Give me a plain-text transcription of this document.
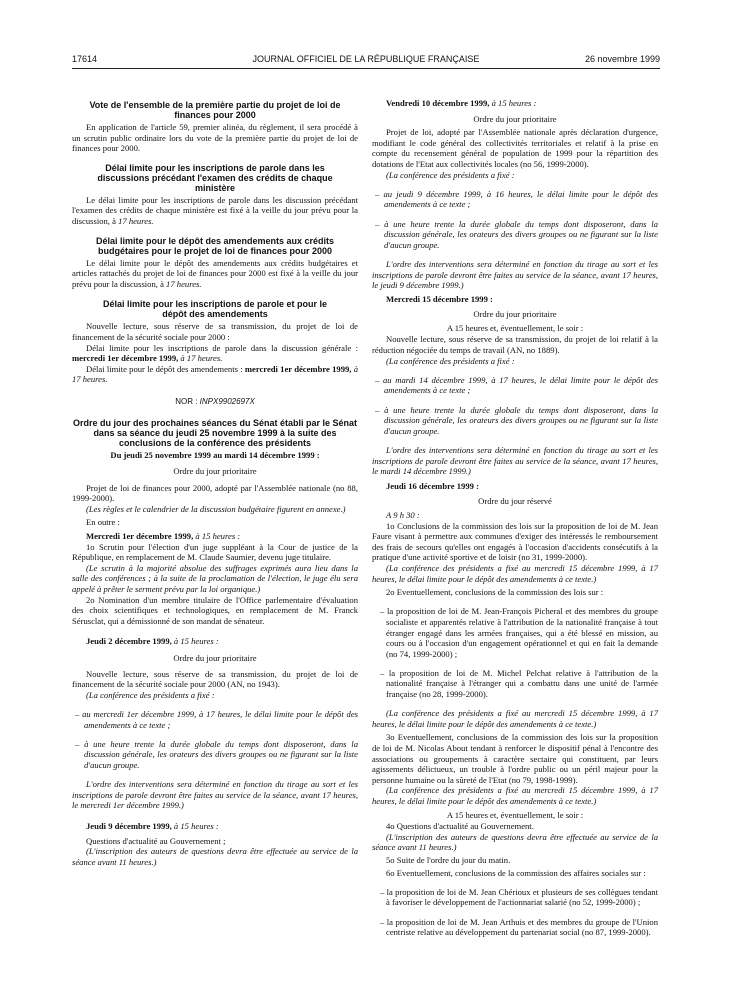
17614	JOURNAL OFFICIEL DE LA RÉPUBLIQUE FRANÇAISE	26 novembre 1999
Vote de l'ensemble de la première partie du projet de loi de finances pour 2000

En application de l'article 59, premier alinéa, du règlement, il sera procédé à un scrutin public ordinaire lors du vote de la première partie du projet de loi de finances pour 2000.

Délai limite pour les inscriptions de parole dans les discussions précédant l'examen des crédits de chaque ministère

Le délai limite pour les inscriptions de parole dans les discussion précédant l'examen des crédits de chaque ministère est fixé à la veille du jour prévu pour la discussion, à 17 heures.

Délai limite pour le dépôt des amendements aux crédits budgétaires pour le projet de loi de finances pour 2000

Le délai limite pour le dépôt des amendements aux crédits budgétaires et articles rattachés du projet de loi de finances pour 2000 est fixé à la veille du jour prévu pour la discussion, à 17 heures.

Délai limite pour les inscriptions de parole et pour le dépôt des amendements

Nouvelle lecture, sous réserve de sa transmission, du projet de loi de financement de la sécurité sociale pour 2000 :

Délai limite pour les inscriptions de parole dans la discussion générale : mercredi 1er décembre 1999, à 17 heures.

Délai limite pour le dépôt des amendements : mercredi 1er décembre 1999, à 17 heures.

NOR : INPX9902697X

Ordre du jour des prochaines séances du Sénat établi par le Sénat dans sa séance du jeudi 25 novembre 1999 à la suite des conclusions de la conférence des présidents

Du jeudi 25 novembre 1999 au mardi 14 décembre 1999 :

Ordre du jour prioritaire

Projet de loi de finances pour 2000, adopté par l'Assemblée nationale (no 88, 1999-2000).

(Les règles et le calendrier de la discussion budgétaire figurent en annexe.)

En outre :

Mercredi 1er décembre 1999, à 15 heures :

1o Scrutin pour l'élection d'un juge suppléant à la Cour de justice de la République, en remplacement de M. Claude Saumier, devenu juge titulaire.

(Le scrutin à la majorité absolue des suffrages exprimés aura lieu dans la salle des conférences ; à la suite de la proclamation de l'élection, le juge élu sera appelé à prêter le serment prévu par la loi organique.)

2o Nomination d'un membre titulaire de l'Office parlementaire d'évaluation des choix scientifiques et technologiques, en remplacement de M. Franck Sérusclat, qui a démissionné de son mandat de sénateur.

Jeudi 2 décembre 1999, à 15 heures :

Ordre du jour prioritaire

Nouvelle lecture, sous réserve de sa transmission, du projet de loi de financement de la sécurité sociale pour 2000 (AN, no 1943).

(La conférence des présidents a fixé :

– au mercredi 1er décembre 1999, à 17 heures, le délai limite pour le dépôt des amendements à ce texte ;

– à une heure trente la durée globale du temps dont disposeront, dans la discussion générale, les orateurs des divers groupes ou ne figurant sur la liste d'aucun groupe.

L'ordre des interventions sera déterminé en fonction du tirage au sort et les inscriptions de parole devront être faites au service de la séance, avant 17 heures, le mercredi 1er décembre 1999.)

Jeudi 9 décembre 1999, à 15 heures :

Questions d'actualité au Gouvernement ;

(L'inscription des auteurs de questions devra être effectuée au service de la séance avant 11 heures.)

Vendredi 10 décembre 1999, à 15 heures :

Ordre du jour prioritaire

Projet de loi, adopté par l'Assemblée nationale après déclaration d'urgence, modifiant le code général des collectivités territoriales et relatif à la prise en compte du recensement général de population de 1999 pour la répartition des dotations de l'Etat aux collectivités locales (no 56, 1999-2000).

(La conférence des présidents a fixé :

– au jeudi 9 décembre 1999, à 16 heures, le délai limite pour le dépôt des amendements à ce texte ;

– à une heure trente la durée globale du temps dont disposeront, dans la discussion générale, les orateurs des divers groupes ou ne figurant sur la liste d'aucun groupe.

L'ordre des interventions sera déterminé en fonction du tirage au sort et les inscriptions de parole devront être faites au service de la séance, avant 17 heures, le jeudi 9 décembre 1999.)

Mercredi 15 décembre 1999 :

Ordre du jour prioritaire

A 15 heures et, éventuellement, le soir :

Nouvelle lecture, sous réserve de sa transmission, du projet de loi relatif à la réduction négociée du temps de travail (AN, no 1889).

(La conférence des présidents a fixé :

– au mardi 14 décembre 1999, à 17 heures, le délai limite pour le dépôt des amendements à ce texte ;

– à une heure trente la durée globale du temps dont disposeront, dans la discussion générale, les orateurs des divers groupes ou ne figurant sur la liste d'aucun groupe.

L'ordre des interventions sera déterminé en fonction du tirage au sort et les inscriptions de parole devront être faites au service de la séance, avant 17 heures, le mardi 14 décembre 1999.)

Jeudi 16 décembre 1999 :

Ordre du jour réservé

A 9 h 30 :

1o Conclusions de la commission des lois sur la proposition de loi de M. Jean Faure visant à permettre aux communes d'exiger des intéressés le remboursement des frais de secours qu'elles ont engagés à l'occasion d'accidents consécutifs à la pratique d'une activité sportive et de loisir (no 31, 1999-2000).

(La conférence des présidents a fixé au mercredi 15 décembre 1999, à 17 heures, le délai limite pour le dépôt des amendements à ce texte.)

2o Eventuellement, conclusions de la commission des lois sur :

– la proposition de loi de M. Jean-François Picheral et des membres du groupe socialiste et apparentés relative à l'attribution de la nationalité française à tout étranger engagé dans les armées françaises, qui a été blessé en mission, au cours ou à l'occasion d'un engagement opérationnel et qui en fait la demande (no 74, 1999-2000) ;

– la proposition de loi de M. Michel Pelchat relative à l'attribution de la nationalité française à l'étranger qui a combattu dans une unité de l'armée française (no 28, 1999-2000).

(La conférence des présidents a fixé au mercredi 15 décembre 1999, à 17 heures, le délai limite pour le dépôt des amendements à ce texte.)

3o Eventuellement, conclusions de la commission des lois sur la proposition de loi de M. Nicolas About tendant à renforcer le dispositif pénal à l'encontre des associations ou groupements à caractère sectaire qui constituent, par leurs agissements délictueux, un trouble à l'ordre public ou un péril majeur pour la personne humaine ou la sûreté de l'Etat (no 79, 1998-1999).

(La conférence des présidents a fixé au mercredi 15 décembre 1999, à 17 heures, le délai limite pour le dépôt des amendements à ce texte.)

A 15 heures et, éventuellement, le soir :

4o Questions d'actualité au Gouvernement.

(L'inscription des auteurs de questions devra être effectuée au service de la séance avant 11 heures.)

5o Suite de l'ordre du jour du matin.

6o Eventuellement, conclusions de la commission des affaires sociales sur :

– la proposition de loi de M. Jean Chérioux et plusieurs de ses collègues tendant à favoriser le développement de l'actionnariat salarié (no 52, 1999-2000) ;

– la proposition de loi de M. Jean Arthuis et des membres du groupe de l'Union centriste relative au développement du partenariat social (no 87, 1999-2000).
